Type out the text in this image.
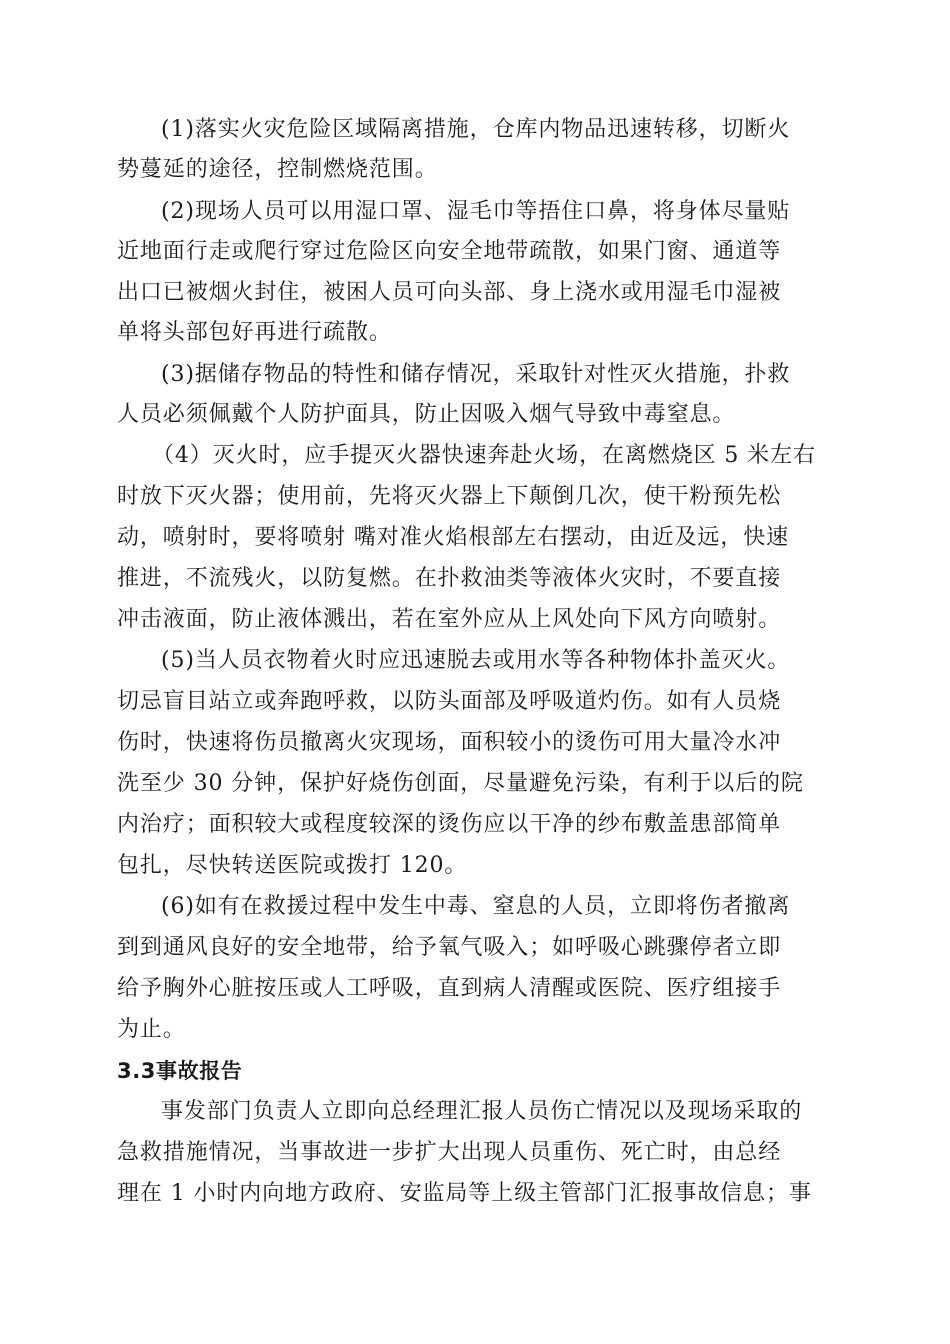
(1)落实火灾危险区域隔离措施，仓库内物品迅速转移，切断火
势蔓延的途径，控制燃烧范围。
(2)现场人员可以用湿口罩、湿毛巾等捂住口鼻，将身体尽量贴
近地面行走或爬行穿过危险区向安全地带疏散，如果门窗、通道等
出口已被烟火封住，被困人员可向头部、身上浇水或用湿毛巾湿被
单将头部包好再进行疏散。
(3)据储存物品的特性和储存情况，采取针对性灭火措施，扑救
人员必须佩戴个人防护面具，防止因吸入烟气导致中毒窒息。
（4）灭火时，应手提灭火器快速奔赴火场，在离燃烧区 5 米左右
时放下灭火器；使用前，先将灭火器上下颠倒几次，使干粉预先松
动，喷射时，要将喷射 嘴对准火焰根部左右摆动，由近及远，快速
推进，不流残火，以防复燃。在扑救油类等液体火灾时，不要直接
冲击液面，防止液体溅出，若在室外应从上风处向下风方向喷射。
(5)当人员衣物着火时应迅速脱去或用水等各种物体扑盖灭火。
切忌盲目站立或奔跑呼救，以防头面部及呼吸道灼伤。如有人员烧
伤时，快速将伤员撤离火灾现场，面积较小的烫伤可用大量冷水冲
洗至少 30 分钟，保护好烧伤创面，尽量避免污染，有利于以后的院
内治疗；面积较大或程度较深的烫伤应以干净的纱布敷盖患部简单
包扎，尽快转送医院或拨打 120。
(6)如有在救援过程中发生中毒、窒息的人员，立即将伤者撤离
到到通风良好的安全地带，给予氧气吸入；如呼吸心跳骤停者立即
给予胸外心脏按压或人工呼吸，直到病人清醒或医院、医疗组接手
为止。
3.3事故报告
事发部门负责人立即向总经理汇报人员伤亡情况以及现场采取的
急救措施情况，当事故进一步扩大出现人员重伤、死亡时，由总经
理在 1 小时内向地方政府、安监局等上级主管部门汇报事故信息；事
